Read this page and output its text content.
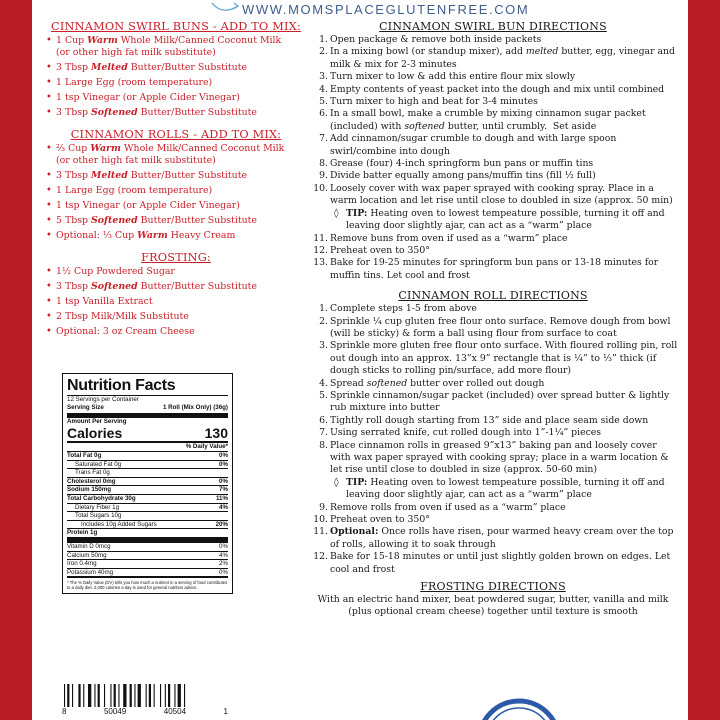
WWW.MOMSPLACEGLUTENFREE.COM
CINNAMON SWIRL BUNS - ADD TO MIX:
• 1 Cup Warm Whole Milk/Canned Coconut Milk
(or other high fat milk substitute)
• 3 Tbsp Melted Butter/Butter Substitute
• 1 Large Egg (room temperature)
• 1 tsp Vinegar (or Apple Cider Vinegar)
• 3 Tbsp Softened Butter/Butter Substitute
CINNAMON ROLLS - ADD TO MIX:
• ⅔ Cup Warm Whole Milk/Canned Coconut Milk
(or other high fat milk substitute)
• 3 Tbsp Melted Butter/Butter Substitute
• 1 Large Egg (room temperature)
• 1 tsp Vinegar (or Apple Cider Vinegar)
• 5 Tbsp Softened Butter/Butter Substitute
• Optional: ⅓ Cup Warm Heavy Cream
FROSTING:
• 1½ Cup Powdered Sugar
• 3 Tbsp Softened Butter/Butter Substitute
• 1 tsp Vanilla Extract
• 2 Tbsp Milk/Milk Substitute
• Optional: 3 oz Cream Cheese
Nutrition Facts
12 Servings per Container
Serving Size	1 Roll (Mix Only) (36g)
Amount Per Serving
Calories	130
% Daily Value*
Total Fat 0g	0%
Saturated Fat 0g	0%
Trans Fat 0g
Cholesterol 0mg	0%
Sodium 150mg	7%
Total Carbohydrate 30g	11%
Dietary Fiber 1g	4%
Total Sugars 10g
Includes 10g Added Sugars	20%
Protein 1g
Vitamin D 0mcg	0%
Calcium 50mg	4%
Iron 0.4mg	2%
Potassium 40mg	0%
* The % Daily Value (DV) tells you how much a nutrient in a serving of food contributes to a daily diet. 2,000 calories a day is used for general nutrition advice.
8	50049	40504	1
CINNAMON SWIRL BUN DIRECTIONS
1. Open package & remove both inside packets
2. In a mixing bowl (or standup mixer), add melted butter, egg, vinegar and milk & mix for 2-3 minutes
3. Turn mixer to low & add this entire flour mix slowly
4. Empty contents of yeast packet into the dough and mix until combined
5. Turn mixer to high and beat for 3-4 minutes
6. In a small bowl, make a crumble by mixing cinnamon sugar packet (included) with softened butter, until crumbly.  Set aside
7. Add cinnamon/sugar crumble to dough and with large spoon swirl/combine into dough
8. Grease (four) 4-inch springform bun pans or muffin tins
9. Divide batter equally among pans/muffin tins (fill ½ full)
10. Loosely cover with wax paper sprayed with cooking spray. Place in a warm location and let rise until close to doubled in size (approx. 50 min)
◊ TIP: Heating oven to lowest tempeature possible, turning it off and leaving door slightly ajar, can act as a “warm” place
11. Remove buns from oven if used as a “warm” place
12. Preheat oven to 350°
13. Bake for 19-25 minutes for springform bun pans or 13-18 minutes for muffin tins. Let cool and frost
CINNAMON ROLL DIRECTIONS
1. Complete steps 1-5 from above
2. Sprinkle ¼ cup gluten free flour onto surface. Remove dough from bowl (will be sticky) & form a ball using flour from surface to coat
3. Sprinkle more gluten free flour onto surface. With floured rolling pin, roll out dough into an approx. 13”x 9” rectangle that is ¼” to ⅓” thick (if dough sticks to rolling pin/surface, add more flour)
4. Spread softened butter over rolled out dough
5. Sprinkle cinnamon/sugar packet (included) over spread butter & lightly rub mixture into butter
6. Tightly roll dough starting from 13” side and place seam side down
7. Using serrated knife, cut rolled dough into 1”-1¼” pieces
8. Place cinnamon rolls in greased 9”x13” baking pan and loosely cover with wax paper sprayed with cooking spray; place in a warm location & let rise until close to doubled in size (approx. 50-60 min)
◊ TIP: Heating oven to lowest tempeature possible, turning it off and leaving door slightly ajar, can act as a “warm” place
9. Remove rolls from oven if used as a “warm” place
10. Preheat oven to 350°
11. Optional: Once rolls have risen, pour warmed heavy cream over the top of rolls, allowing it to soak through
12. Bake for 15-18 minutes or until just slightly golden brown on edges. Let cool and frost
FROSTING DIRECTIONS
With an electric hand mixer, beat powdered sugar, butter, vanilla and milk (plus optional cream cheese) together until texture is smooth
